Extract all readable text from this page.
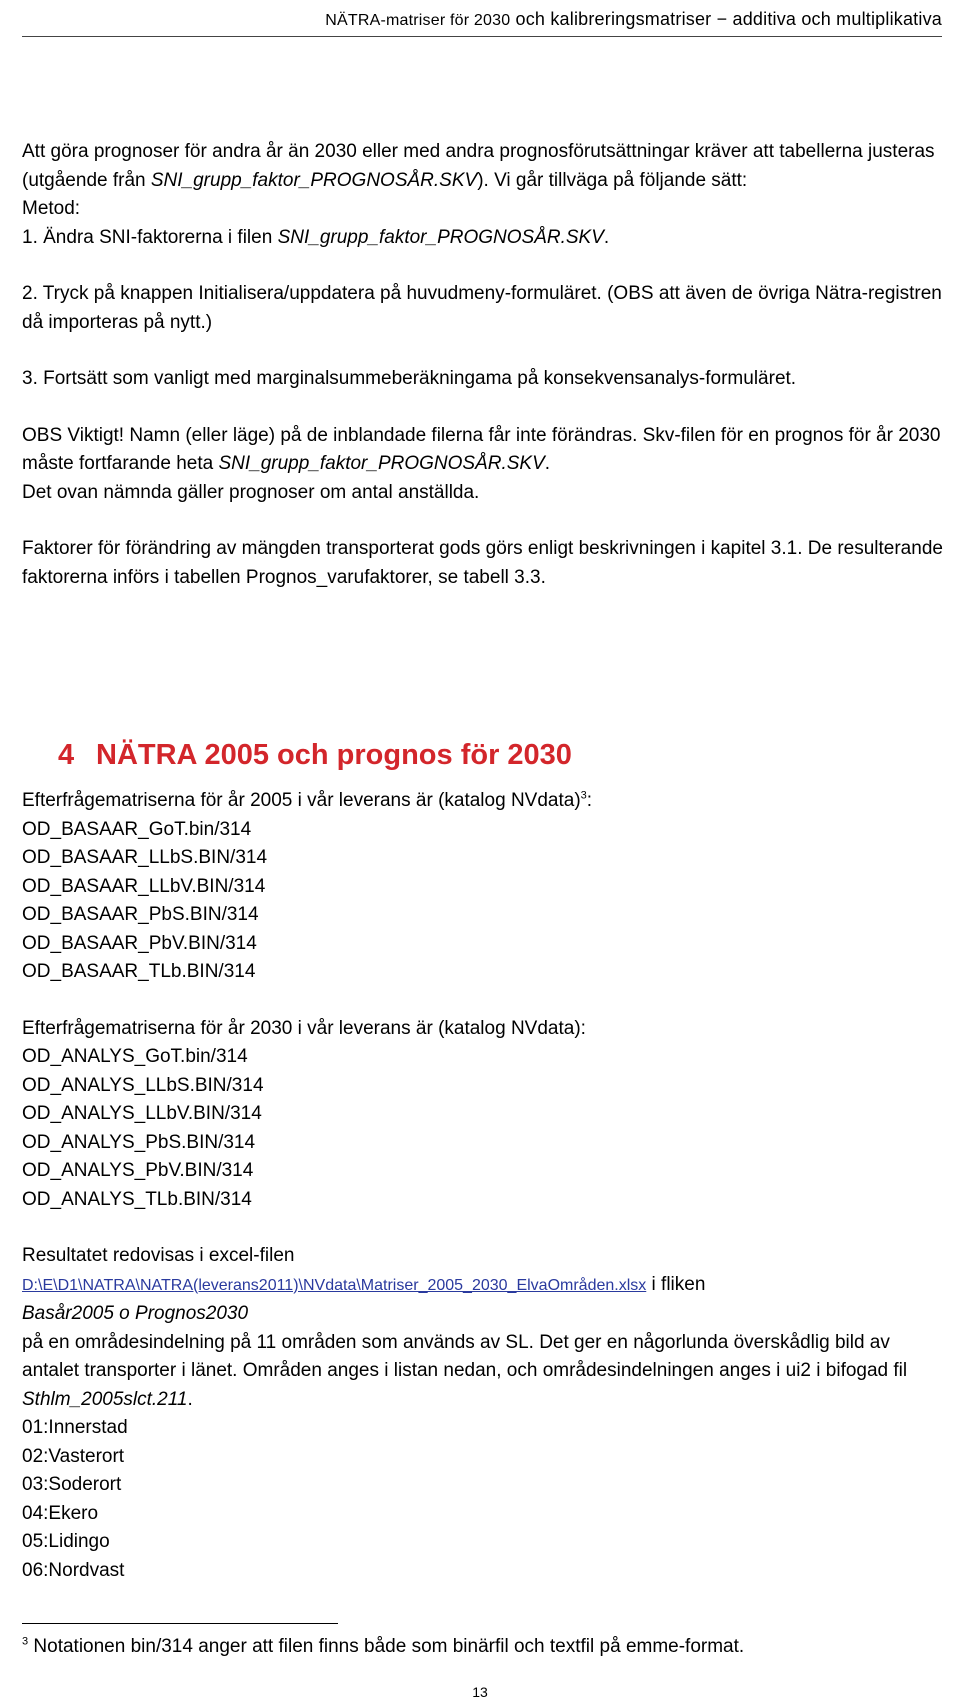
NÄTRA-matriser för 2030 och kalibreringsmatriser − additiva och multiplikativa

Att göra prognoser för andra år än 2030 eller med andra prognosförutsättningar kräver att tabellerna justeras (utgående från SNI_grupp_faktor_PROGNOSÅR.SKV). Vi går tillväga på följande sätt:

Metod:

1. Ändra SNI-faktorerna i filen SNI_grupp_faktor_PROGNOSÅR.SKV.

2. Tryck på knappen Initialisera/uppdatera på huvudmeny-formuläret. (OBS att även de övriga Nätra-registren då importeras på nytt.)

3. Fortsätt som vanligt med marginalsummeberäkningama på konsekvensanalys-formuläret.

OBS Viktigt! Namn (eller läge) på de inblandade filerna får inte förändras. Skv-filen för en prognos för år 2030 måste fortfarande heta SNI_grupp_faktor_PROGNOSÅR.SKV.

Det ovan nämnda gäller prognoser om antal anställda.

Faktorer för förändring av mängden transporterat gods görs enligt beskrivningen i kapitel 3.1. De resulterande faktorerna införs i tabellen Prognos_varufaktorer, se tabell 3.3.

4 NÄTRA 2005 och prognos för 2030

Efterfrågematriserna för år 2005 i vår leverans är (katalog NVdata)$^3$:

OD_BASAAR_GoT.bin/314

OD_BASAAR_LLbS.BIN/314

OD_BASAAR_LLbV.BIN/314

OD_BASAAR_PbS.BIN/314

OD_BASAAR_PbV.BIN/314

OD_BASAAR_TLb.BIN/314

Efterfrågematriserna för år 2030 i vår leverans är (katalog NVdata):

OD_ANALYS_GoT.bin/314

OD_ANALYS_LLbS.BIN/314

OD_ANALYS_LLbV.BIN/314

OD_ANALYS_PbS.BIN/314

OD_ANALYS_PbV.BIN/314

OD_ANALYS_TLb.BIN/314

Resultatet redovisas i excel-filen

D:\E\D1\NATRA\NATRA(leverans2011)\NVdata\Matriser_2005_2030_ElvaOmråden.xlsx i fliken

Basår2005 o Prognos2030

på en områdesindelning på 11 områden som används av SL. Det ger en någorlunda överskådlig bild av antalet transporter i länet. Områden anges i listan nedan, och områdesindelningen anges i ui2 i bifogad fil Sthlm_2005slct.211.

01:Innerstad

02:Vasterort

03:Soderort

04:Ekero

05:Lidingo

06:Nordvast

$^3$ Notationen bin/314 anger att filen finns både som binärfil och textfil på emme-format.
13
